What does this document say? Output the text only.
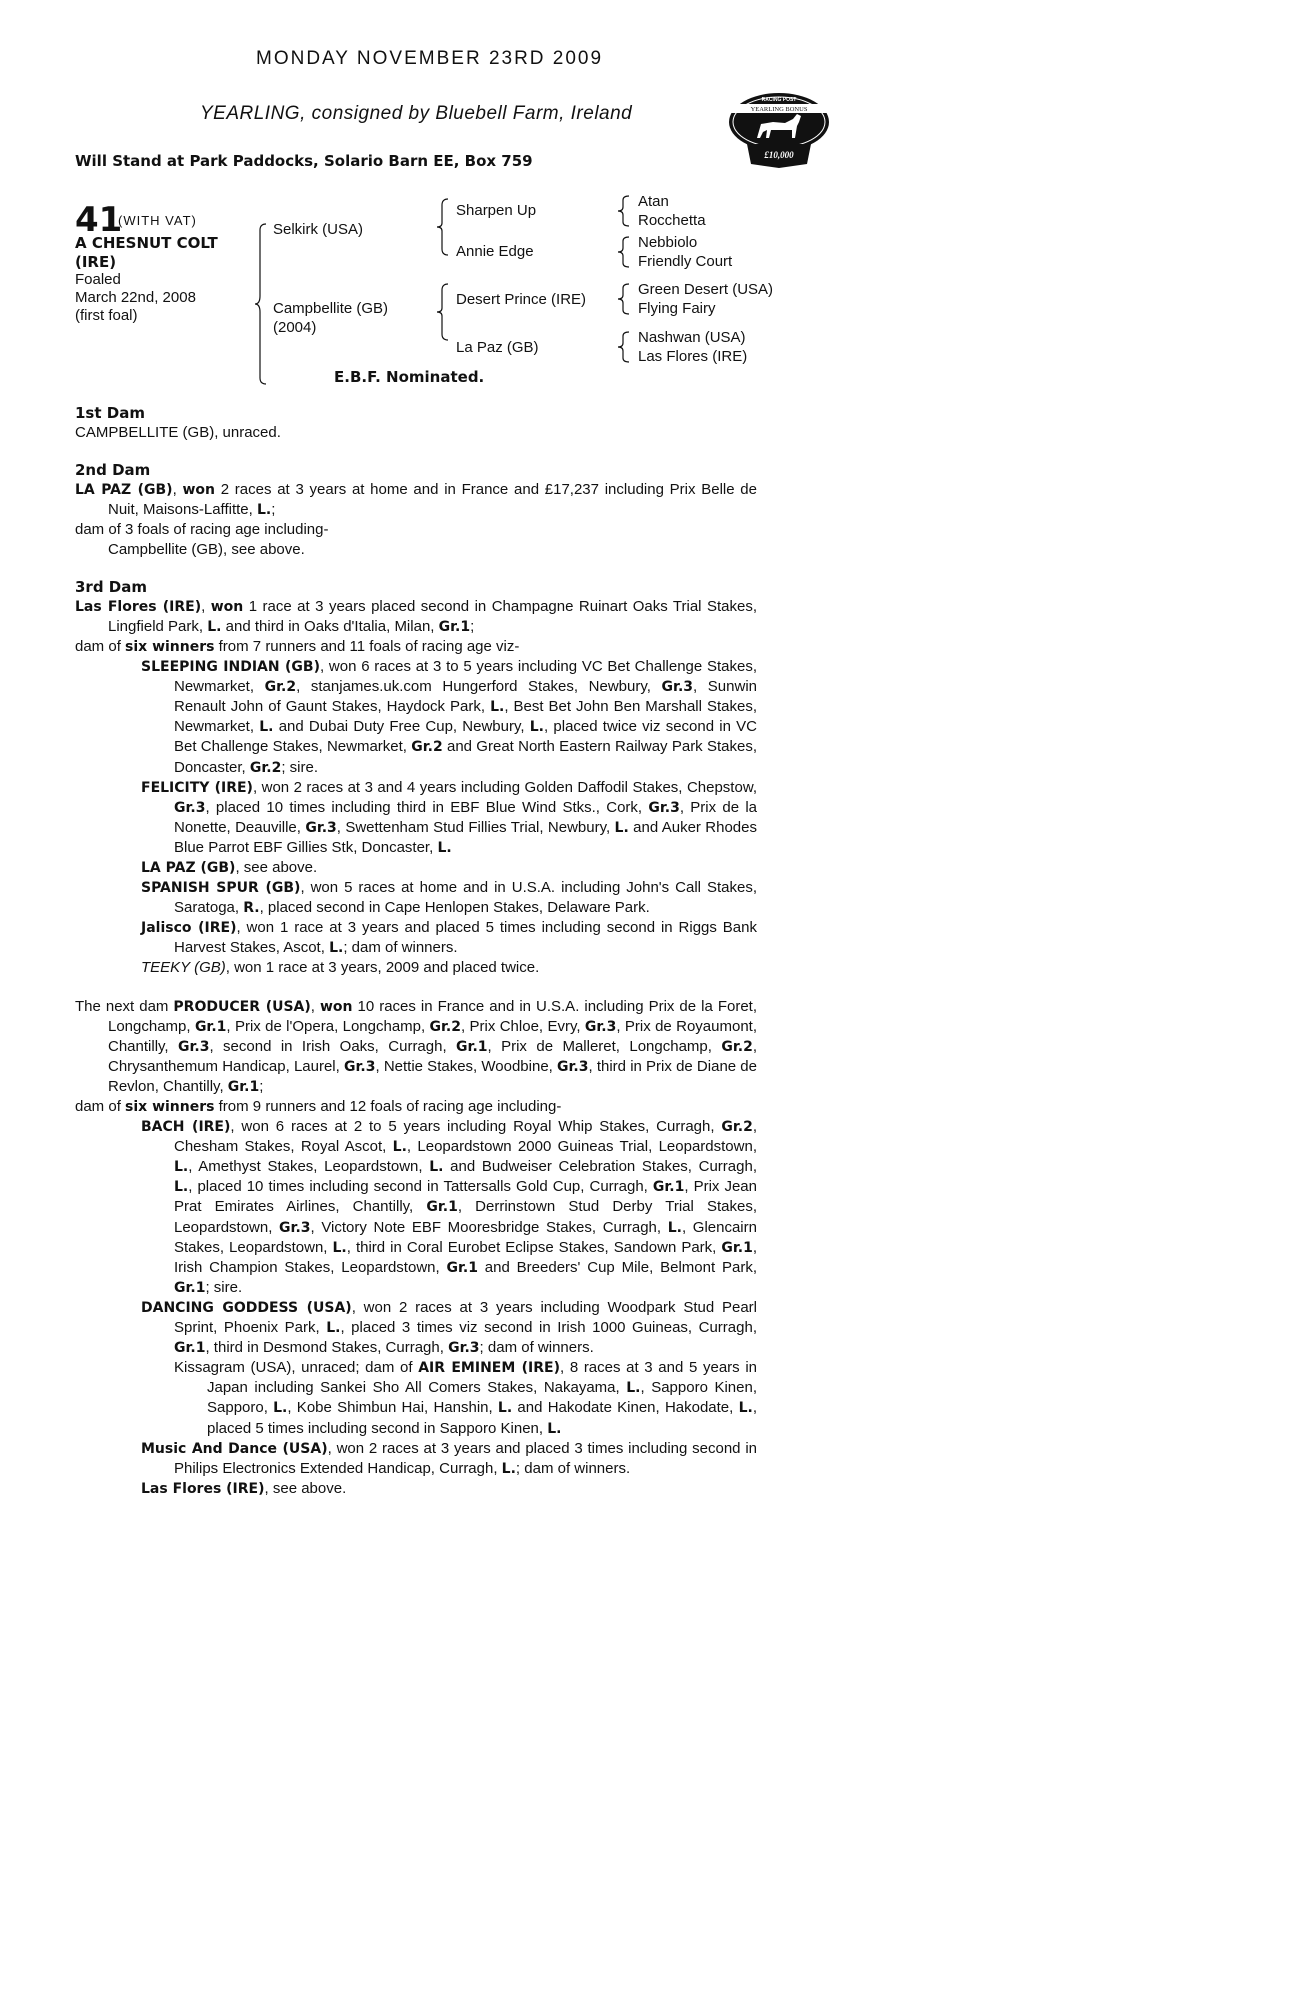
MONDAY NOVEMBER 23RD 2009
YEARLING, consigned by Bluebell Farm, Ireland
Will Stand at Park Paddocks, Solario Barn EE, Box 759
RACING POST
YEARLING BONUS
£10,000
41
(WITH VAT)
A CHESNUT COLT
(IRE)
Foaled
March 22nd, 2008
(first foal)
Selkirk (USA)
Campbellite (GB)
(2004)
Sharpen Up
Annie Edge
Desert Prince (IRE)
La Paz (GB)
Atan
Rocchetta
Nebbiolo
Friendly Court
Green Desert (USA)
Flying Fairy
Nashwan (USA)
Las Flores (IRE)
E.B.F. Nominated.

1st Dam

CAMPBELLITE (GB), unraced.

2nd Dam

LA PAZ (GB), won 2 races at 3 years at home and in France and £17,237 including Prix Belle de Nuit, Maisons-Laffitte, L.;

dam of 3 foals of racing age including-

Campbellite (GB), see above.

3rd Dam

Las Flores (IRE), won 1 race at 3 years placed second in Champagne Ruinart Oaks Trial Stakes, Lingfield Park, L. and third in Oaks d'Italia, Milan, Gr.1;

dam of six winners from 7 runners and 11 foals of racing age viz-

SLEEPING INDIAN (GB), won 6 races at 3 to 5 years including VC Bet Challenge Stakes, Newmarket, Gr.2, stanjames.uk.com Hungerford Stakes, Newbury, Gr.3, Sunwin Renault John of Gaunt Stakes, Haydock Park, L., Best Bet John Ben Marshall Stakes, Newmarket, L. and Dubai Duty Free Cup, Newbury, L., placed twice viz second in VC Bet Challenge Stakes, Newmarket, Gr.2 and Great North Eastern Railway Park Stakes, Doncaster, Gr.2; sire.

FELICITY (IRE), won 2 races at 3 and 4 years including Golden Daffodil Stakes, Chepstow, Gr.3, placed 10 times including third in EBF Blue Wind Stks., Cork, Gr.3, Prix de la Nonette, Deauville, Gr.3, Swettenham Stud Fillies Trial, Newbury, L. and Auker Rhodes Blue Parrot EBF Gillies Stk, Doncaster, L.

LA PAZ (GB), see above.

SPANISH SPUR (GB), won 5 races at home and in U.S.A. including John's Call Stakes, Saratoga, R., placed second in Cape Henlopen Stakes, Delaware Park.

Jalisco (IRE), won 1 race at 3 years and placed 5 times including second in Riggs Bank Harvest Stakes, Ascot, L.; dam of winners.

TEEKY (GB), won 1 race at 3 years, 2009 and placed twice.

The next dam PRODUCER (USA), won 10 races in France and in U.S.A. including Prix de la Foret, Longchamp, Gr.1, Prix de l'Opera, Longchamp, Gr.2, Prix Chloe, Evry, Gr.3, Prix de Royaumont, Chantilly, Gr.3, second in Irish Oaks, Curragh, Gr.1, Prix de Malleret, Longchamp, Gr.2, Chrysanthemum Handicap, Laurel, Gr.3, Nettie Stakes, Woodbine, Gr.3, third in Prix de Diane de Revlon, Chantilly, Gr.1;

dam of six winners from 9 runners and 12 foals of racing age including-

BACH (IRE), won 6 races at 2 to 5 years including Royal Whip Stakes, Curragh, Gr.2, Chesham Stakes, Royal Ascot, L., Leopardstown 2000 Guineas Trial, Leopardstown, L., Amethyst Stakes, Leopardstown, L. and Budweiser Celebration Stakes, Curragh, L., placed 10 times including second in Tattersalls Gold Cup, Curragh, Gr.1, Prix Jean Prat Emirates Airlines, Chantilly, Gr.1, Derrinstown Stud Derby Trial Stakes, Leopardstown, Gr.3, Victory Note EBF Mooresbridge Stakes, Curragh, L., Glencairn Stakes, Leopardstown, L., third in Coral Eurobet Eclipse Stakes, Sandown Park, Gr.1, Irish Champion Stakes, Leopardstown, Gr.1 and Breeders' Cup Mile, Belmont Park, Gr.1; sire.

DANCING GODDESS (USA), won 2 races at 3 years including Woodpark Stud Pearl Sprint, Phoenix Park, L., placed 3 times viz second in Irish 1000 Guineas, Curragh, Gr.1, third in Desmond Stakes, Curragh, Gr.3; dam of winners.

Kissagram (USA), unraced; dam of AIR EMINEM (IRE), 8 races at 3 and 5 years in Japan including Sankei Sho All Comers Stakes, Nakayama, L., Sapporo Kinen, Sapporo, L., Kobe Shimbun Hai, Hanshin, L. and Hakodate Kinen, Hakodate, L., placed 5 times including second in Sapporo Kinen, L.

Music And Dance (USA), won 2 races at 3 years and placed 3 times including second in Philips Electronics Extended Handicap, Curragh, L.; dam of winners.

Las Flores (IRE), see above.
